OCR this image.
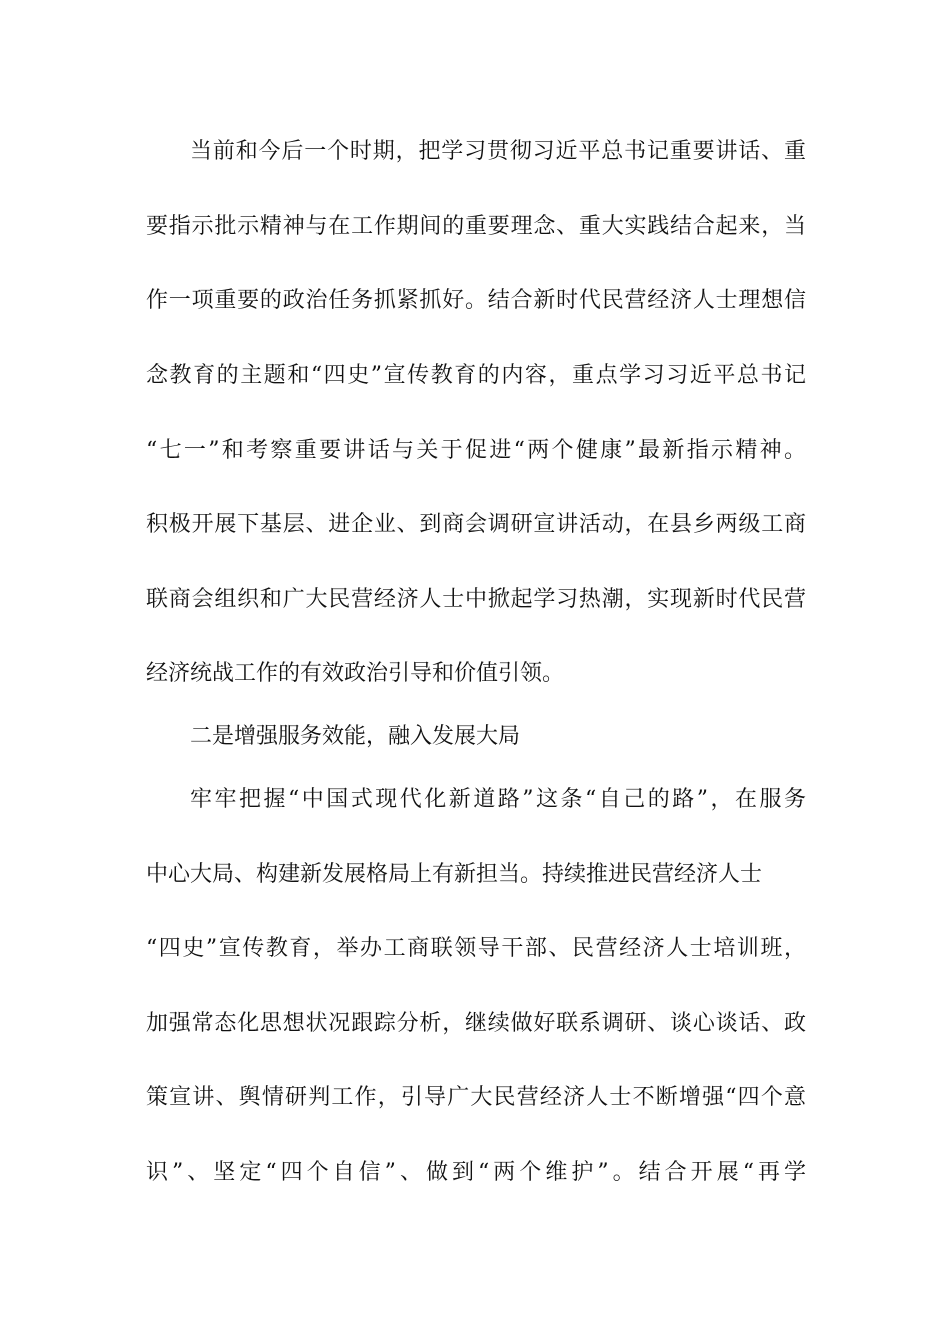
当前和今后一个时期，把学习贯彻习近平总书记重要讲话、重
要指示批示精神与在工作期间的重要理念、重大实践结合起来，当
作一项重要的政治任务抓紧抓好。结合新时代民营经济人士理想信
念教育的主题和“四史”宣传教育的内容，重点学习习近平总书记
“七一”和考察重要讲话与关于促进“两个健康”最新指示精神。
积极开展下基层、进企业、到商会调研宣讲活动，在县乡两级工商
联商会组织和广大民营经济人士中掀起学习热潮，实现新时代民营
经济统战工作的有效政治引导和价值引领。
二是增强服务效能，融入发展大局
牢牢把握“中国式现代化新道路”这条“自己的路”，在服务
中心大局、构建新发展格局上有新担当。持续推进民营经济人士
“四史”宣传教育，举办工商联领导干部、民营经济人士培训班，
加强常态化思想状况跟踪分析，继续做好联系调研、谈心谈话、政
策宣讲、舆情研判工作，引导广大民营经济人士不断增强“四个意
识”、坚定“四个自信”、做到“两个维护”。结合开展“再学
